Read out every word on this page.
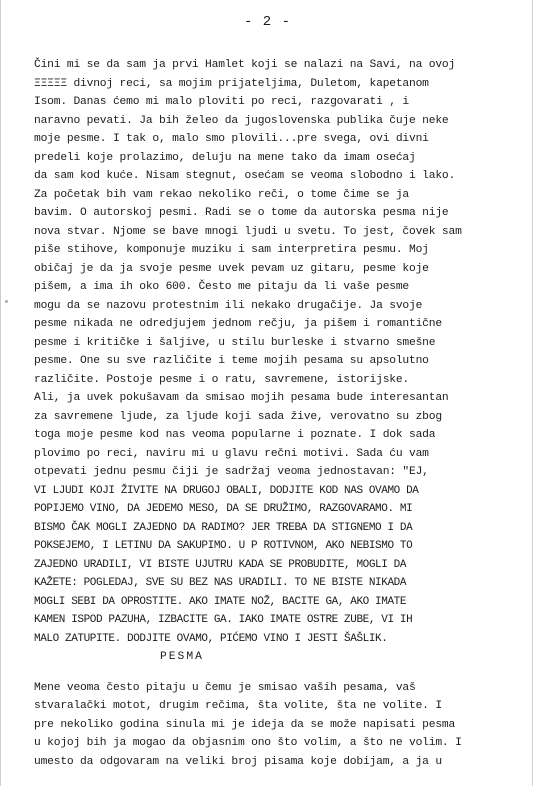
- 2 -
Čini mi se da sam ja prvi Hamlet koji se nalazi na Savi, na ovoj
ΞΞΞΞΞ divnoj reci, sa mojim prijateljima, Duletom, kapetanom
Isom. Danas ćemo mi malo ploviti po reci, razgovarati , i
naravno pevati. Ja bih želeo da jugoslovenska publika čuje neke
moje pesme. I tak o, malo smo plovili...pre svega, ovi divni
predeli koje prolazimo, deluju na mene tako da imam osećaj
da sam kod kuće. Nisam stegnut, osećam se veoma slobodno i lako.
Za početak bih vam rekao nekoliko reči, o tome čime se ja
bavim. O autorskoj pesmi. Radi se o tome da autorska pesma nije
nova stvar. Njome se bave mnogi ljudi u svetu. To jest, čovek sam
piše stihove, komponuje muziku i sam interpretira pesmu. Moj
običaj je da ja svoje pesme uvek pevam uz gitaru, pesme koje
pišem, a ima ih oko 600. Često me pitaju da li vaše pesme
mogu da se nazovu protestnim ili nekako drugačije. Ja svoje
pesme nikada ne odredjujem jednom rečju, ja pišem i romantične
pesme i kritičke i šaljive, u stilu burleske i stvarno smešne
pesme. One su sve različite i teme mojih pesama su apsolutno
različite. Postoje pesme i o ratu, savremene, istorijske.
Ali, ja uvek pokušavam da smisao mojih pesama bude interesantan
za savremene ljude, za ljude koji sada žive, verovatno su zbog
toga moje pesme kod nas veoma popularne i poznate. I dok sada
plovimo po reci, naviru mi u glavu rečni motivi. Sada ću vam
otpevati jednu pesmu čiji je sadržaj veoma jednostavan: "EJ,
VI LJUDI KOJI ŽIVITE NA DRUGOJ OBALI, DODJITE KOD NAS OVAMO DA
POPIJEMO VINO, DA JEDEMO MESO, DA SE DRUŽIMO, RAZGOVARAMO. MI
BISMO ČAK MOGLI ZAJEDNO DA RADIMO? JER TREBA DA STIGNEMO I DA
POKSEJEMO, I LETINU DA SAKUPIMO. U P ROTIVNOM, AKO NEBISMO TO
ZAJEDNO URADILI, VI BISTE UJUTRU KADA SE PROBUDITE, MOGLI DA
KAŽETE: POGLEDAJ, SVE SU BEZ NAS URADILI. TO NE BISTE NIKADA
MOGLI SEBI DA OPROSTITE. AKO IMATE NOŽ, BACITE GA, AKO IMATE
KAMEN ISPOD PAZUHA, IZBACITE GA. IAKO IMATE OSTRE ZUBE, VI IH
MALO ZATUPITE. DODJITE OVAMO, PIĆEMO VINO I JESTI ŠAŠLIK.
PESMA
Mene veoma često pitaju u čemu je smisao vaših pesama, vaš
stvaralački motot, drugim rečima, šta volite, šta ne volite. I
pre nekoliko godina sinula mi je ideja da se može napisati pesma
u kojoj bih ja mogao da objasnim ono što volim, a što ne volim. I
umesto da odgovaram na veliki broj pisama koje dobijam, a ja u
